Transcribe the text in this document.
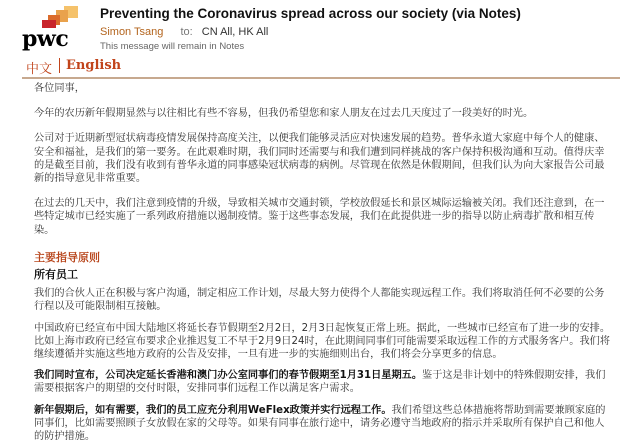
pwc
Preventing the Coronavirus spread across our society (via Notes)
Simon Tsang to: CN All, HK All
This message will remain in Notes
中文	English

各位同事，

今年的农历新年假期显然与以往相比有些不容易，但我仍希望您和家人朋友在过去几天度过了一段美好的时光。

公司对于近期新型冠状病毒疫情发展保持高度关注，以便我们能够灵活应对快速发展的趋势。普华永道大家庭中每个人的健康、安全和福祉，是我们的第一要务。在此艰难时期，我们同时还需要与和我们遭到同样挑战的客户保持积极沟通和互动。值得庆幸的是截至目前，我们没有收到有普华永道的同事感染冠状病毒的病例。尽管现在依然是休假期间，但我们认为向大家报告公司最新的指导意见非常重要。

在过去的几天中，我们注意到疫情的升级，导致相关城市交通封锁，学校放假延长和景区城际运输被关闭。我们还注意到，在一些特定城市已经实施了一系列政府措施以遏制疫情。鉴于这些事态发展，我们在此提供进一步的指导以防止病毒扩散和相互传染。

主要指导原则

所有员工

我们的合伙人正在积极与客户沟通，制定相应工作计划，尽最大努力使得个人都能实现远程工作。我们将取消任何不必要的公务行程以及可能限制相互接触。

中国政府已经宣布中国大陆地区将延长春节假期至2月2日，2月3日起恢复正常上班。据此，一些城市已经宣布了进一步的安排。比如上海市政府已经宣布要求企业推迟复工不早于2月9日24时，在此期间同事们可能需要采取远程工作的方式服务客户。我们将继续遵循并实施这些地方政府的公告及安排，一旦有进一步的实施细则出台，我们将会分享更多的信息。

我们同时宣布，公司决定延长香港和澳门办公室同事们的春节假期至1月31日星期五。鉴于这是非计划中的特殊假期安排，我们需要根据客户的期望的交付时限，安排同事们远程工作以满足客户需求。

新年假期后，如有需要，我们的员工应充分利用WeFlex政策并实行远程工作。我们希望这些总体措施将帮助到需要兼顾家庭的同事们，比如需要照顾子女放假在家的父母等。如果有同事在旅行途中，请务必遵守当地政府的指示并采取所有保护自己和他人的防护措施。
